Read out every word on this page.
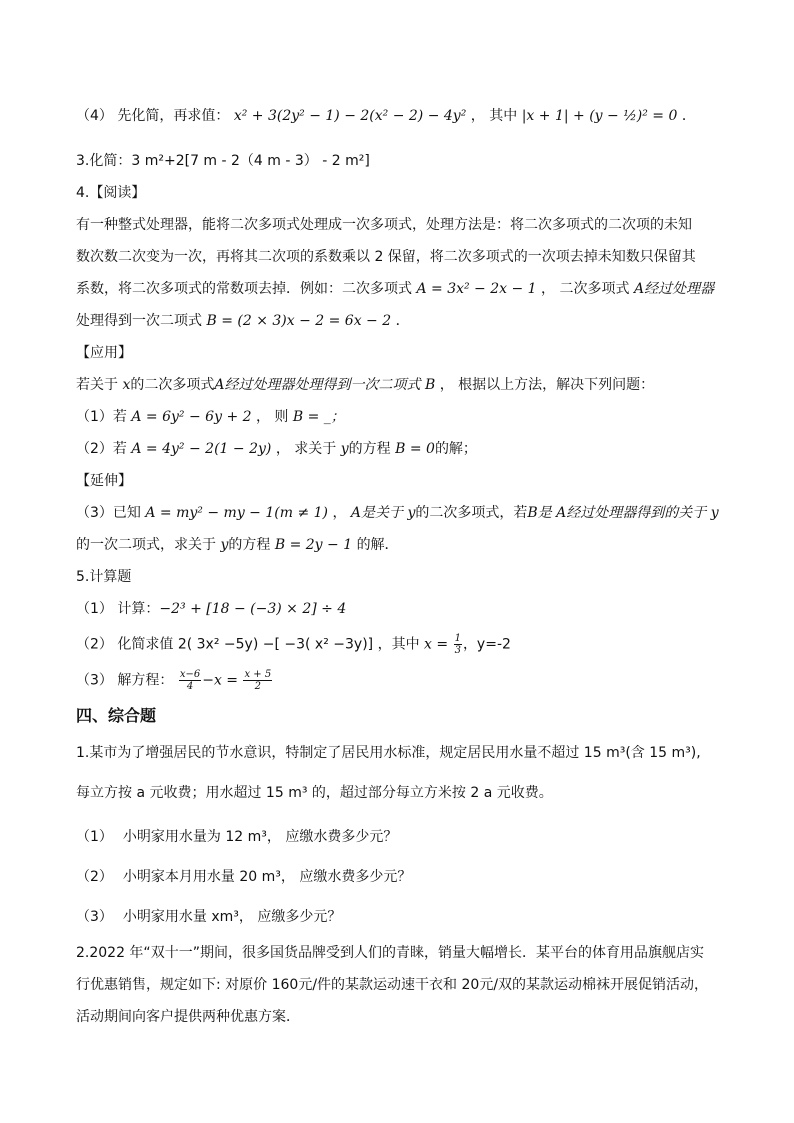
（4） 先化简，再求值： x² + 3(2y² − 1) − 2(x² − 2) − 4y² ， 其中 |x + 1| + (y − ½)² = 0 ．
3.化简：3 m²+2[7 m - 2（4 m - 3） - 2 m²]
4.【阅读】
有一种整式处理器，能将二次多项式处理成一次多项式，处理方法是：将二次多项式的二次项的未知
数次数二次变为一次，再将其二次项的系数乘以 2 保留，将二次多项式的一次项去掉未知数只保留其
系数，将二次多项式的常数项去掉．例如：二次多项式 A = 3x² − 2x − 1 ， 二次多项式 A经过处理器
处理得到一次二项式 B = (2 × 3)x − 2 = 6x − 2 ．
【应用】
若关于 x的二次多项式A经过处理器处理得到一次二项式 B ， 根据以上方法，解决下列问题：
（1）若 A = 6y² − 6y + 2 ， 则 B = _；
（2）若 A = 4y² − 2(1 − 2y) ， 求关于 y的方程 B = 0的解；
【延伸】
（3）已知 A = my² − my − 1(m ≠ 1) ， A是关于 y的二次多项式，若B是 A经过处理器得到的关于 y
的一次二项式，求关于 y的方程 B = 2y − 1 的解．
5.计算题
（1） 计算：−2³ + [18 − (−3) × 2] ÷ 4
（2） 化简求值 2( 3x² −5y) −[ −3( x² −3y)] ，其中 $x = \frac{1}{3}$ ，y=-2
（3） 解方程： $\frac{x-6}{4} -x = \frac{x + 5}{2}$
四、综合题
1.某市为了增强居民的节水意识，特制定了居民用水标准，规定居民用水量不超过 15 m³(含 15 m³),
每立方按 a 元收费；用水超过 15 m³ 的，超过部分每立方米按 2 a 元收费。
（1） 小明家用水量为 12 m³， 应缴水费多少元？
（2） 小明家本月用水量 20 m³， 应缴水费多少元？
（3） 小明家用水量 xm³， 应缴多少元？
2.2022 年“双十一”期间，很多国货品牌受到人们的青睐，销量大幅增长．某平台的体育用品旗舰店实
行优惠销售，规定如下: 对原价 160元/件的某款运动速干衣和 20元/双的某款运动棉袜开展促销活动，
活动期间向客户提供两种优惠方案．
